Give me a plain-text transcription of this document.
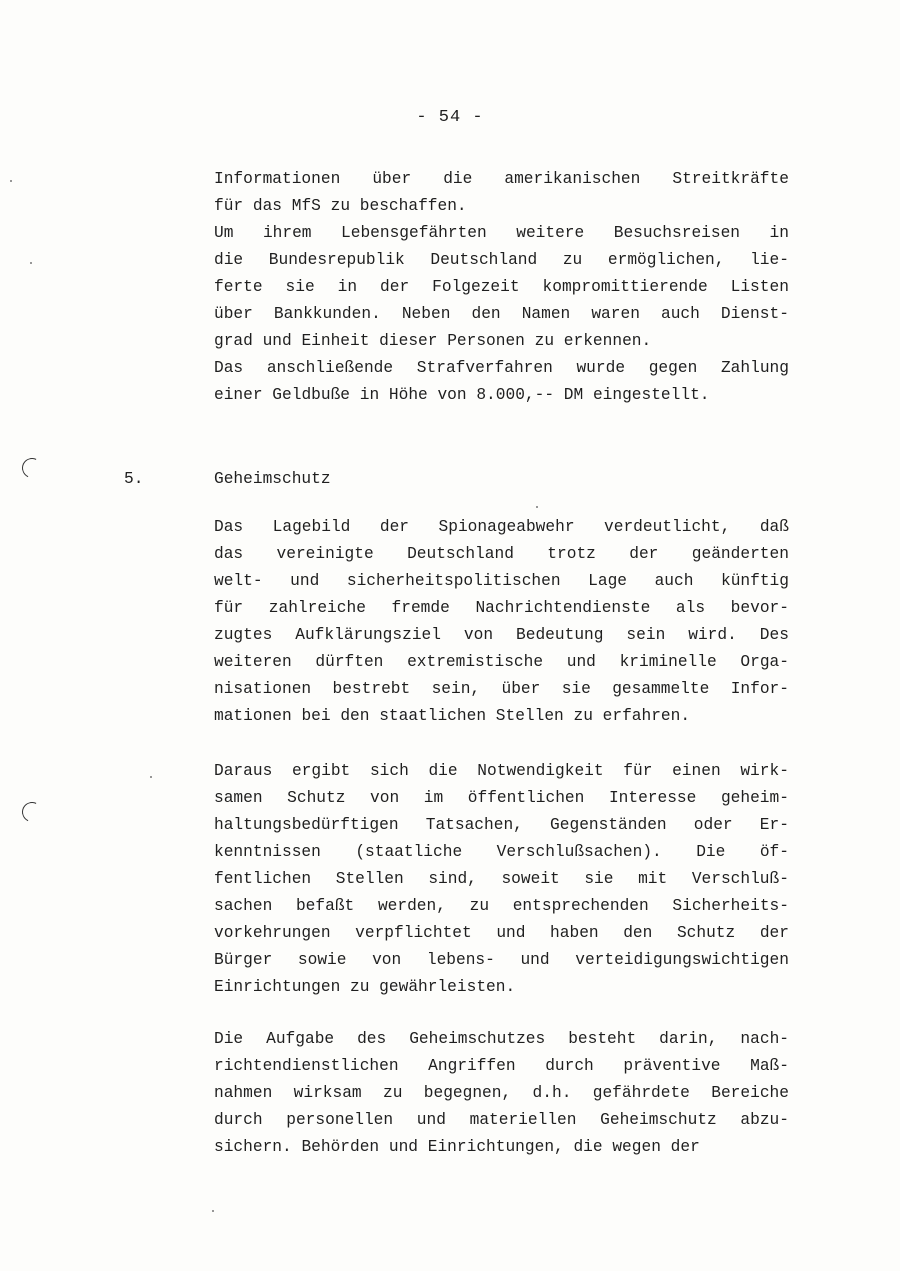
- 54 -
Informationen über die amerikanischen Streitkräfte
für das MfS zu beschaffen.
Um ihrem Lebensgefährten weitere Besuchsreisen in
die Bundesrepublik Deutschland zu ermöglichen, lie-
ferte sie in der Folgezeit kompromittierende Listen
über Bankkunden. Neben den Namen waren auch Dienst-
grad und Einheit dieser Personen zu erkennen.
Das anschließende Strafverfahren wurde gegen Zahlung
einer Geldbuße in Höhe von 8.000,-- DM eingestellt.
5.	Geheimschutz
Das Lagebild der Spionageabwehr verdeutlicht, daß
das vereinigte Deutschland trotz der geänderten
welt- und sicherheitspolitischen Lage auch künftig
für zahlreiche fremde Nachrichtendienste als bevor-
zugtes Aufklärungsziel von Bedeutung sein wird. Des
weiteren dürften extremistische und kriminelle Orga-
nisationen bestrebt sein, über sie gesammelte Infor-
mationen bei den staatlichen Stellen zu erfahren.
Daraus ergibt sich die Notwendigkeit für einen wirk-
samen Schutz von im öffentlichen Interesse geheim-
haltungsbedürftigen Tatsachen, Gegenständen oder Er-
kenntnissen (staatliche Verschlußsachen). Die öf-
fentlichen Stellen sind, soweit sie mit Verschluß-
sachen befaßt werden, zu entsprechenden Sicherheits-
vorkehrungen verpflichtet und haben den Schutz der
Bürger sowie von lebens- und verteidigungswichtigen
Einrichtungen zu gewährleisten.
Die Aufgabe des Geheimschutzes besteht darin, nach-
richtendienstlichen Angriffen durch präventive Maß-
nahmen wirksam zu begegnen, d.h. gefährdete Bereiche
durch personellen und materiellen Geheimschutz abzu-
sichern. Behörden und Einrichtungen, die wegen der
